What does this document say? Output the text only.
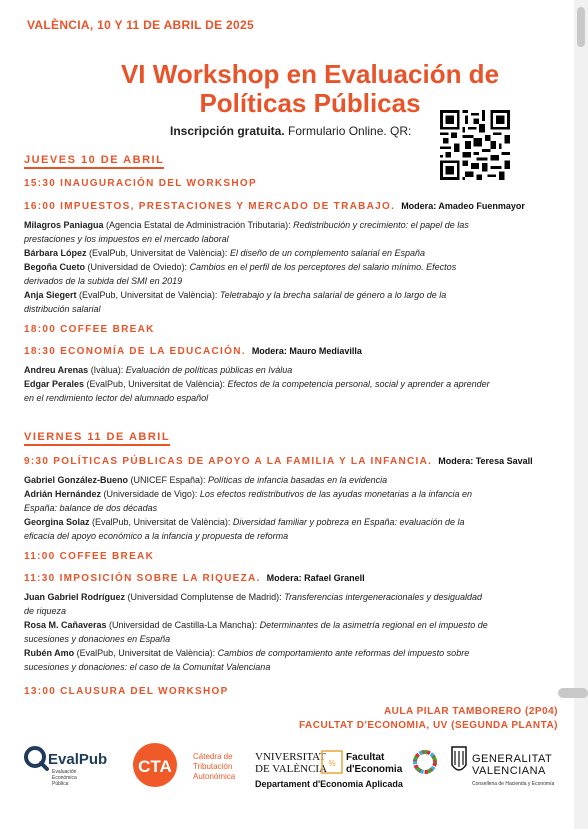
VALÈNCIA, 10 Y 11 DE ABRIL DE 2025
VI Workshop en Evaluación de
Políticas Públicas
Inscripción gratuita. Formulario Online. QR:
JUEVES 10 DE ABRIL
15:30 INAUGURACIÓN DEL WORKSHOP
16:00 IMPUESTOS, PRESTACIONES Y MERCADO DE TRABAJO. Modera: Amadeo Fuenmayor
Milagros Paniagua (Agencia Estatal de Administración Tributaria): Redistribución y crecimiento: el papel de las prestaciones y los impuestos en el mercado laboral
Bárbara López (EvalPub, Universitat de València): El diseño de un complemento salarial en España
Begoña Cueto (Universidad de Oviedo): Cambios en el perfil de los perceptores del salario mínimo. Efectos derivados de la subida del SMI en 2019
Anja Siegert (EvalPub, Universitat de València): Teletrabajo y la brecha salarial de género a lo largo de la distribución salarial
18:00 COFFEE BREAK
18:30 ECONOMÍA DE LA EDUCACIÓN. Modera: Mauro Mediavilla
Andreu Arenas (Ivàlua): Evaluación de políticas públicas en Ivàlua
Edgar Perales (EvalPub, Universitat de València): Efectos de la competencia personal, social y aprender a aprender en el rendimiento lector del alumnado español
VIERNES 11 DE ABRIL
9:30 POLÍTICAS PÚBLICAS DE APOYO A LA FAMILIA Y LA INFANCIA. Modera: Teresa Savall
Gabriel González-Bueno (UNICEF España): Políticas de infancia basadas en la evidencia
Adrián Hernández (Universidade de Vigo): Los efectos redistributivos de las ayudas monetarias a la infancia en España: balance de dos décadas
Georgina Solaz (EvalPub, Universitat de València): Diversidad familiar y pobreza en España: evaluación de la eficacia del apoyo económico a la infancia y propuesta de reforma
11:00 COFFEE BREAK
11:30 IMPOSICIÓN SOBRE LA RIQUEZA. Modera: Rafael Granell
Juan Gabriel Rodríguez (Universidad Complutense de Madrid): Transferencias intergeneracionales y desigualdad de riqueza
Rosa M. Cañaveras (Universidad de Castilla-La Mancha): Determinantes de la asimetría regional en el impuesto de sucesiones y donaciones en España
Rubén Amo (EvalPub, Universitat de València): Cambios de comportamiento ante reformas del impuesto sobre sucesiones y donaciones: el caso de la Comunitat Valenciana
13:00 CLAUSURA DEL WORKSHOP
AULA PILAR TAMBORERO (2P04)
FACULTAT D'ECONOMIA, UV (SEGUNDA PLANTA)
EvalPub
Evaluación
Económica
Pública
CTA
Cátedra de
Tributación
Autonómica
VNIVERSITAT
DE VALÈNCIA %
Facultat
d'Economia
Departament d'Economia Aplicada
GENERALITAT
VALENCIANA
Conselleria de Hacienda y Economía
